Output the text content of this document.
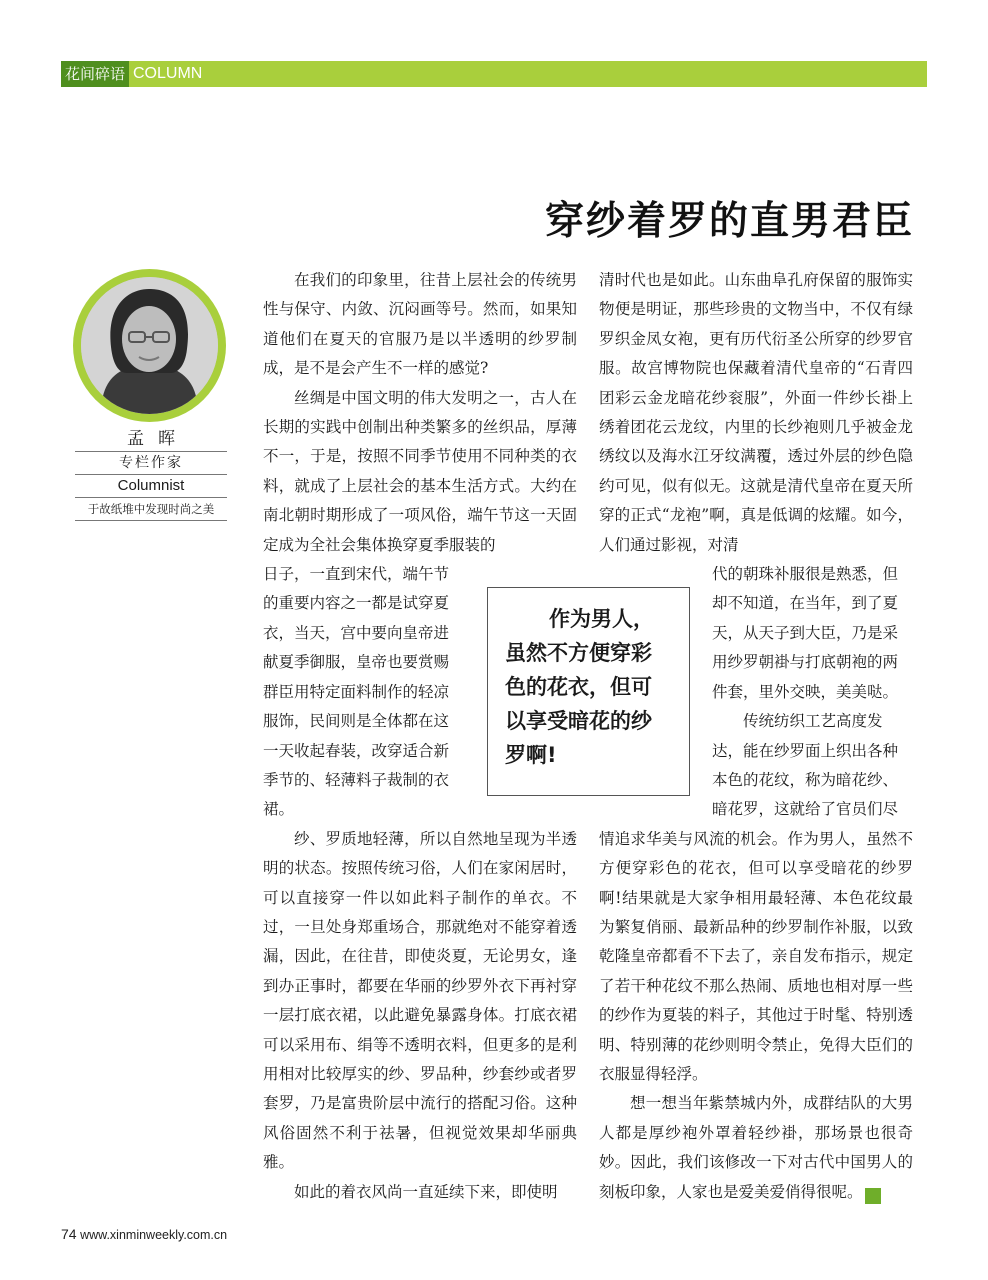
花间碎语 COLUMN
穿纱着罗的直男君臣
孟晖
专栏作家
Columnist
于故纸堆中发现时尚之美

在我们的印象里，往昔上层社会的传统男性与保守、内敛、沉闷画等号。然而，如果知道他们在夏天的官服乃是以半透明的纱罗制成，是不是会产生不一样的感觉?

丝绸是中国文明的伟大发明之一，古人在长期的实践中创制出种类繁多的丝织品，厚薄不一，于是，按照不同季节使用不同种类的衣料，就成了上层社会的基本生活方式。大约在南北朝时期形成了一项风俗，端午节这一天固定成为全社会集体换穿夏季服装的

日子，一直到宋代，端午节
的重要内容之一都是试穿夏
衣，当天，宫中要向皇帝进
献夏季御服，皇帝也要赏赐
群臣用特定面料制作的轻凉
服饰，民间则是全体都在这
一天收起春装，改穿适合新
季节的、轻薄料子裁制的衣
裙。

纱、罗质地轻薄，所以自然地呈现为半透明的状态。按照传统习俗，人们在家闲居时，可以直接穿一件以如此料子制作的单衣。不过，一旦处身郑重场合，那就绝对不能穿着透漏，因此，在往昔，即使炎夏，无论男女，逢到办正事时，都要在华丽的纱罗外衣下再衬穿一层打底衣裙，以此避免暴露身体。打底衣裙可以采用布、绢等不透明衣料，但更多的是利用相对比较厚实的纱、罗品种，纱套纱或者罗套罗，乃是富贵阶层中流行的搭配习俗。这种风俗固然不利于祛暑，但视觉效果却华丽典雅。

如此的着衣风尚一直延续下来，即使明

清时代也是如此。山东曲阜孔府保留的服饰实物便是明证，那些珍贵的文物当中，不仅有绿罗织金凤女袍，更有历代衍圣公所穿的纱罗官服。故宫博物院也保藏着清代皇帝的“石青四团彩云金龙暗花纱衮服”，外面一件纱长褂上绣着团花云龙纹，内里的长纱袍则几乎被金龙绣纹以及海水江牙纹满覆，透过外层的纱色隐约可见，似有似无。这就是清代皇帝在夏天所穿的正式“龙袍”啊，真是低调的炫耀。如今，人们通过影视，对清

代的朝珠补服很是熟悉，但
却不知道，在当年，到了夏
天，从天子到大臣，乃是采
用纱罗朝褂与打底朝袍的两
件套，里外交映，美美哒。
传统纺织工艺高度发
达，能在纱罗面上织出各种
本色的花纹，称为暗花纱、
暗花罗，这就给了官员们尽

情追求华美与风流的机会。作为男人，虽然不方便穿彩色的花衣，但可以享受暗花的纱罗啊!结果就是大家争相用最轻薄、本色花纹最为繁复俏丽、最新品种的纱罗制作补服，以致乾隆皇帝都看不下去了，亲自发布指示，规定了若干种花纹不那么热闹、质地也相对厚一些的纱作为夏装的料子，其他过于时髦、特别透明、特别薄的花纱则明令禁止，免得大臣们的衣服显得轻浮。

想一想当年紫禁城内外，成群结队的大男人都是厚纱袍外罩着轻纱褂，那场景也很奇妙。因此，我们该修改一下对古代中国男人的刻板印象，人家也是爱美爱俏得很呢。	民

作为男人，
虽然不方便穿彩
色的花衣，但可
以享受暗花的纱
罗啊!
74 www.xinminweekly.com.cn
